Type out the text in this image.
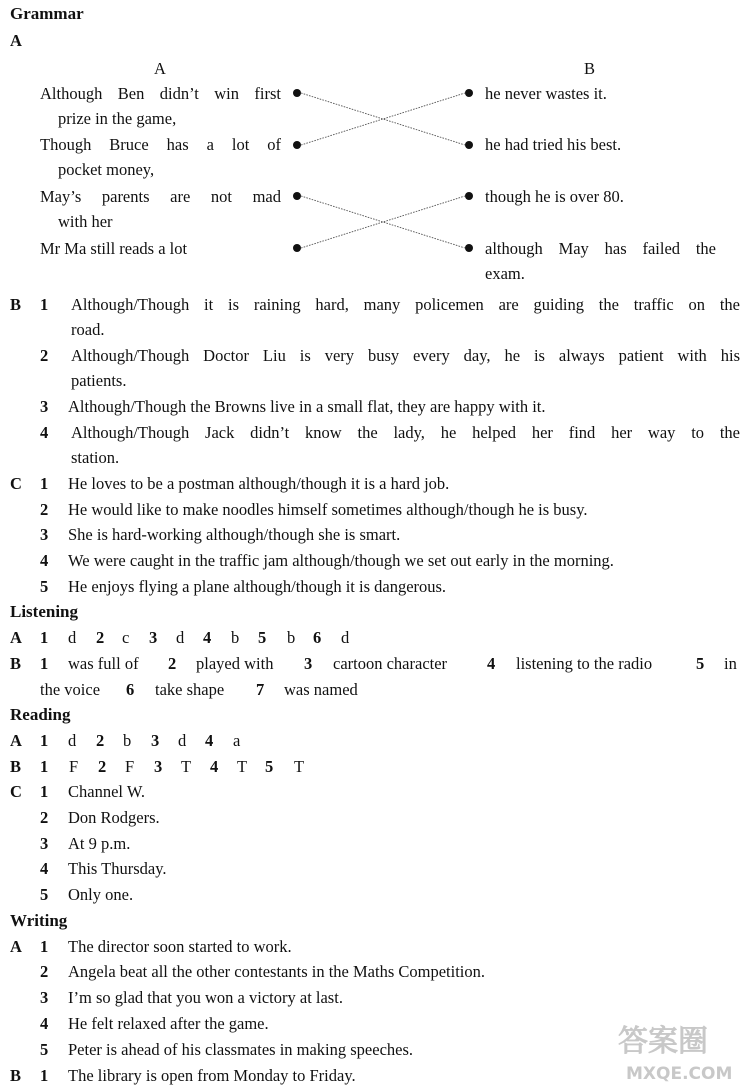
Grammar
A
A	B
Although Ben didn’t win first
prize in the game,
Though Bruce has a lot of
pocket money,
May’s parents are not mad
with her
Mr Ma still reads a lot
he never wastes it.
he had tried his best.
though he is over 80.
although May has failed the
exam.
B 1 Although/Though it is raining hard, many policemen are guiding the traffic on the
road.
2 Although/Though Doctor Liu is very busy every day, he is always patient with his
patients.
3 Although/Though the Browns live in a small flat, they are happy with it.
4 Although/Though Jack didn’t know the lady, he helped her find her way to the
station.
C 1 He loves to be a postman although/though it is a hard job.
2 He would like to make noodles himself sometimes although/though he is busy.
3 She is hard-working although/though she is smart.
4 We were caught in the traffic jam although/though we set out early in the morning.
5 He enjoys flying a plane although/though it is dangerous.
Listening
A 1 d 2 c 3 d 4 b 5 b 6 d
B 1 was full of 2 played with 3 cartoon character 4 listening to the radio	5 in
the voice 6 take shape 7 was named
Reading
A 1 d 2 b 3 d 4 a
B 1 F 2 F 3 T 4 T 5 T
C 1 Channel W.
2 Don Rodgers.
3 At 9 p.m.
4 This Thursday.
5 Only one.
Writing
A 1 The director soon started to work.
2 Angela beat all the other contestants in the Maths Competition.
3 I’m so glad that you won a victory at last.
4 He felt relaxed after the game.
5 Peter is ahead of his classmates in making speeches.
B 1 The library is open from Monday to Friday.
答案圈
MXQE.COM
